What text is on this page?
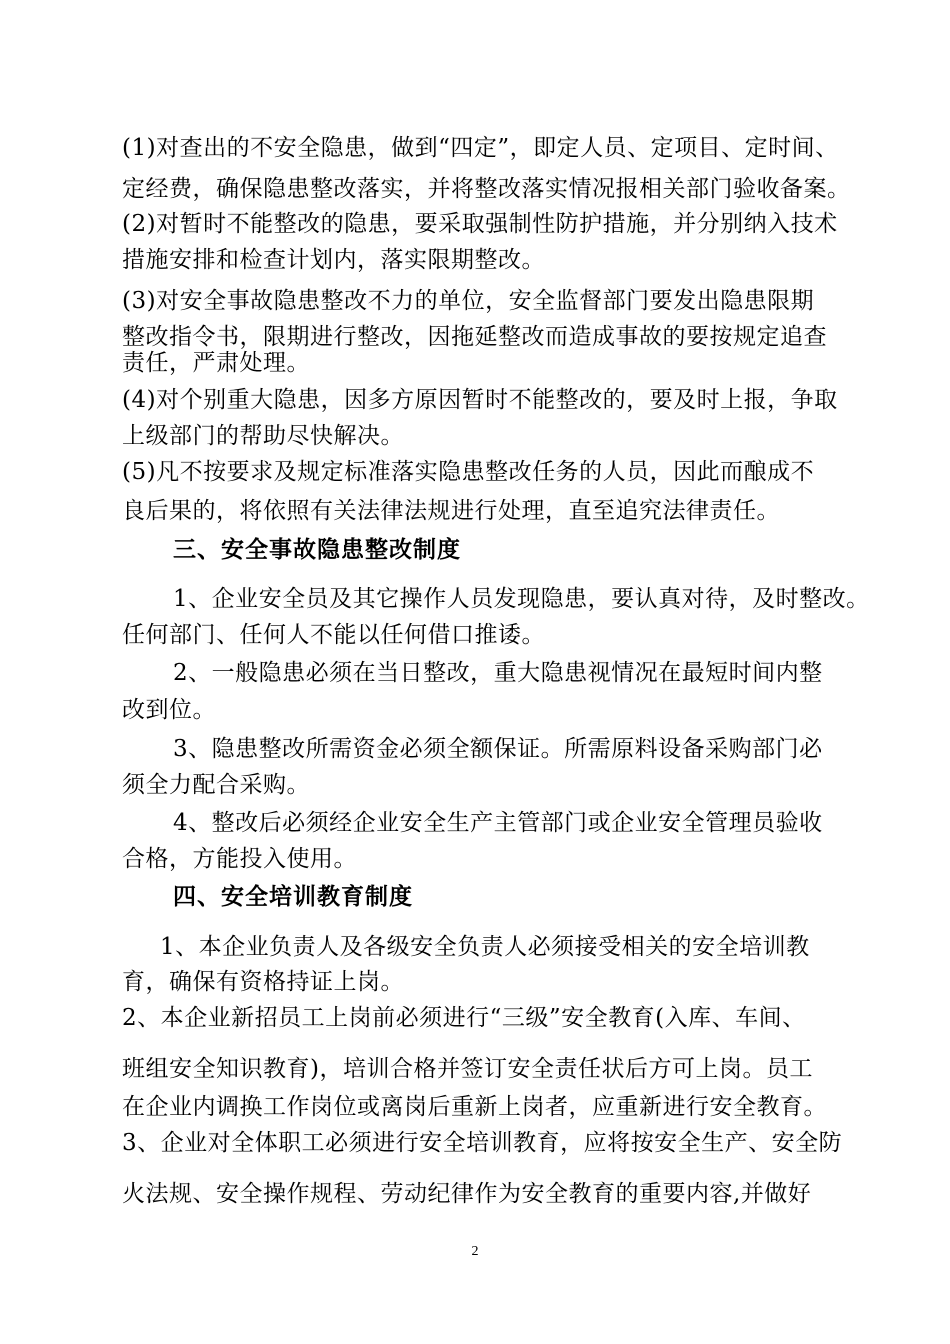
(1)对查出的不安全隐患，做到“四定”，即定人员、定项目、定时间、
定经费，确保隐患整改落实，并将整改落实情况报相关部门验收备案。
(2)对暂时不能整改的隐患，要采取强制性防护措施，并分别纳入技术
措施安排和检查计划内，落实限期整改。
(3)对安全事故隐患整改不力的单位，安全监督部门要发出隐患限期
整改指令书，限期进行整改，因拖延整改而造成事故的要按规定追查
责任，严肃处理。
(4)对个别重大隐患，因多方原因暂时不能整改的，要及时上报，争取
上级部门的帮助尽快解决。
(5)凡不按要求及规定标准落实隐患整改任务的人员，因此而酿成不
良后果的，将依照有关法律法规进行处理，直至追究法律责任。
三、安全事故隐患整改制度
1、企业安全员及其它操作人员发现隐患，要认真对待，及时整改。
任何部门、任何人不能以任何借口推诿。
2、一般隐患必须在当日整改，重大隐患视情况在最短时间内整
改到位。
3、隐患整改所需资金必须全额保证。所需原料设备采购部门必
须全力配合采购。
4、整改后必须经企业安全生产主管部门或企业安全管理员验收
合格，方能投入使用。
四、安全培训教育制度
1、本企业负责人及各级安全负责人必须接受相关的安全培训教
育，确保有资格持证上岗。
2、本企业新招员工上岗前必须进行“三级”安全教育(入库、车间、
班组安全知识教育)，培训合格并签订安全责任状后方可上岗。员工
在企业内调换工作岗位或离岗后重新上岗者，应重新进行安全教育。
3、企业对全体职工必须进行安全培训教育，应将按安全生产、安全防
火法规、安全操作规程、劳动纪律作为安全教育的重要内容,并做好
2
